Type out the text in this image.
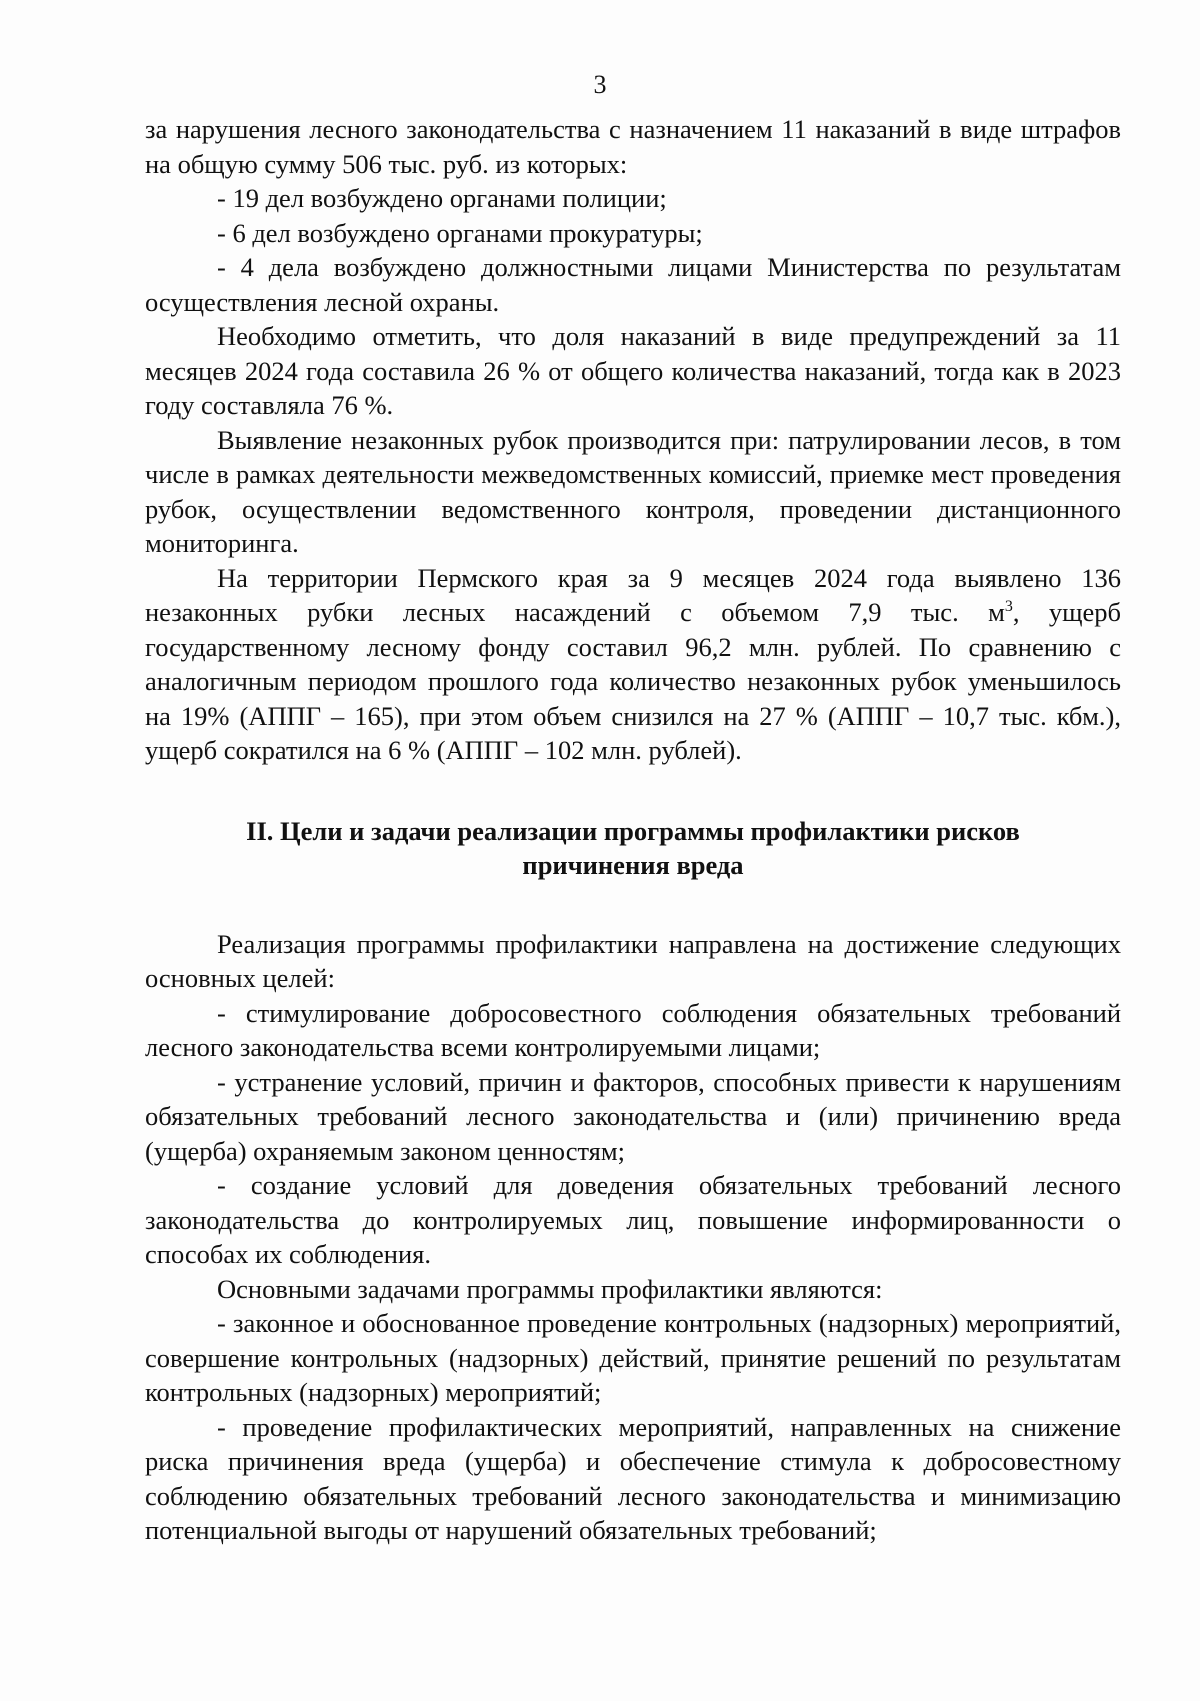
3

за нарушения лесного законодательства с назначением 11 наказаний в виде штрафов на общую сумму 506 тыс. руб. из которых:

- 19 дел возбуждено органами полиции;

- 6 дел возбуждено органами прокуратуры;

- 4 дела возбуждено должностными лицами Министерства по результатам осуществления лесной охраны.

Необходимо отметить, что доля наказаний в виде предупреждений за 11 месяцев 2024 года составила 26 % от общего количества наказаний, тогда как в 2023 году составляла 76 %.

Выявление незаконных рубок производится при: патрулировании лесов, в том числе в рамках деятельности межведомственных комиссий, приемке мест проведения рубок, осуществлении ведомственного контроля, проведении дистанционного мониторинга.

На территории Пермского края за 9 месяцев 2024 года выявлено 136 незаконных рубки лесных насаждений с объемом 7,9 тыс. $м^3$, ущерб государственному лесному фонду составил 96,2 млн. рублей. По сравнению с аналогичным периодом прошлого года количество незаконных рубок уменьшилось на 19% (АППГ – 165), при этом объем снизился на 27 % (АППГ – 10,7 тыс. кбм.), ущерб сократился на 6 % (АППГ – 102 млн. рублей).

II. Цели и задачи реализации программы профилактики рисков
причинения вреда

Реализация программы профилактики направлена на достижение следующих основных целей:

- стимулирование добросовестного соблюдения обязательных требований лесного законодательства всеми контролируемыми лицами;

- устранение условий, причин и факторов, способных привести к нарушениям обязательных требований лесного законодательства и (или) причинению вреда (ущерба) охраняемым законом ценностям;

- создание условий для доведения обязательных требований лесного законодательства до контролируемых лиц, повышение информированности о способах их соблюдения.

Основными задачами программы профилактики являются:

- законное и обоснованное проведение контрольных (надзорных) мероприятий, совершение контрольных (надзорных) действий, принятие решений по результатам контрольных (надзорных) мероприятий;

- проведение профилактических мероприятий, направленных на снижение риска причинения вреда (ущерба) и обеспечение стимула к добросовестному соблюдению обязательных требований лесного законодательства и минимизацию потенциальной выгоды от нарушений обязательных требований;
